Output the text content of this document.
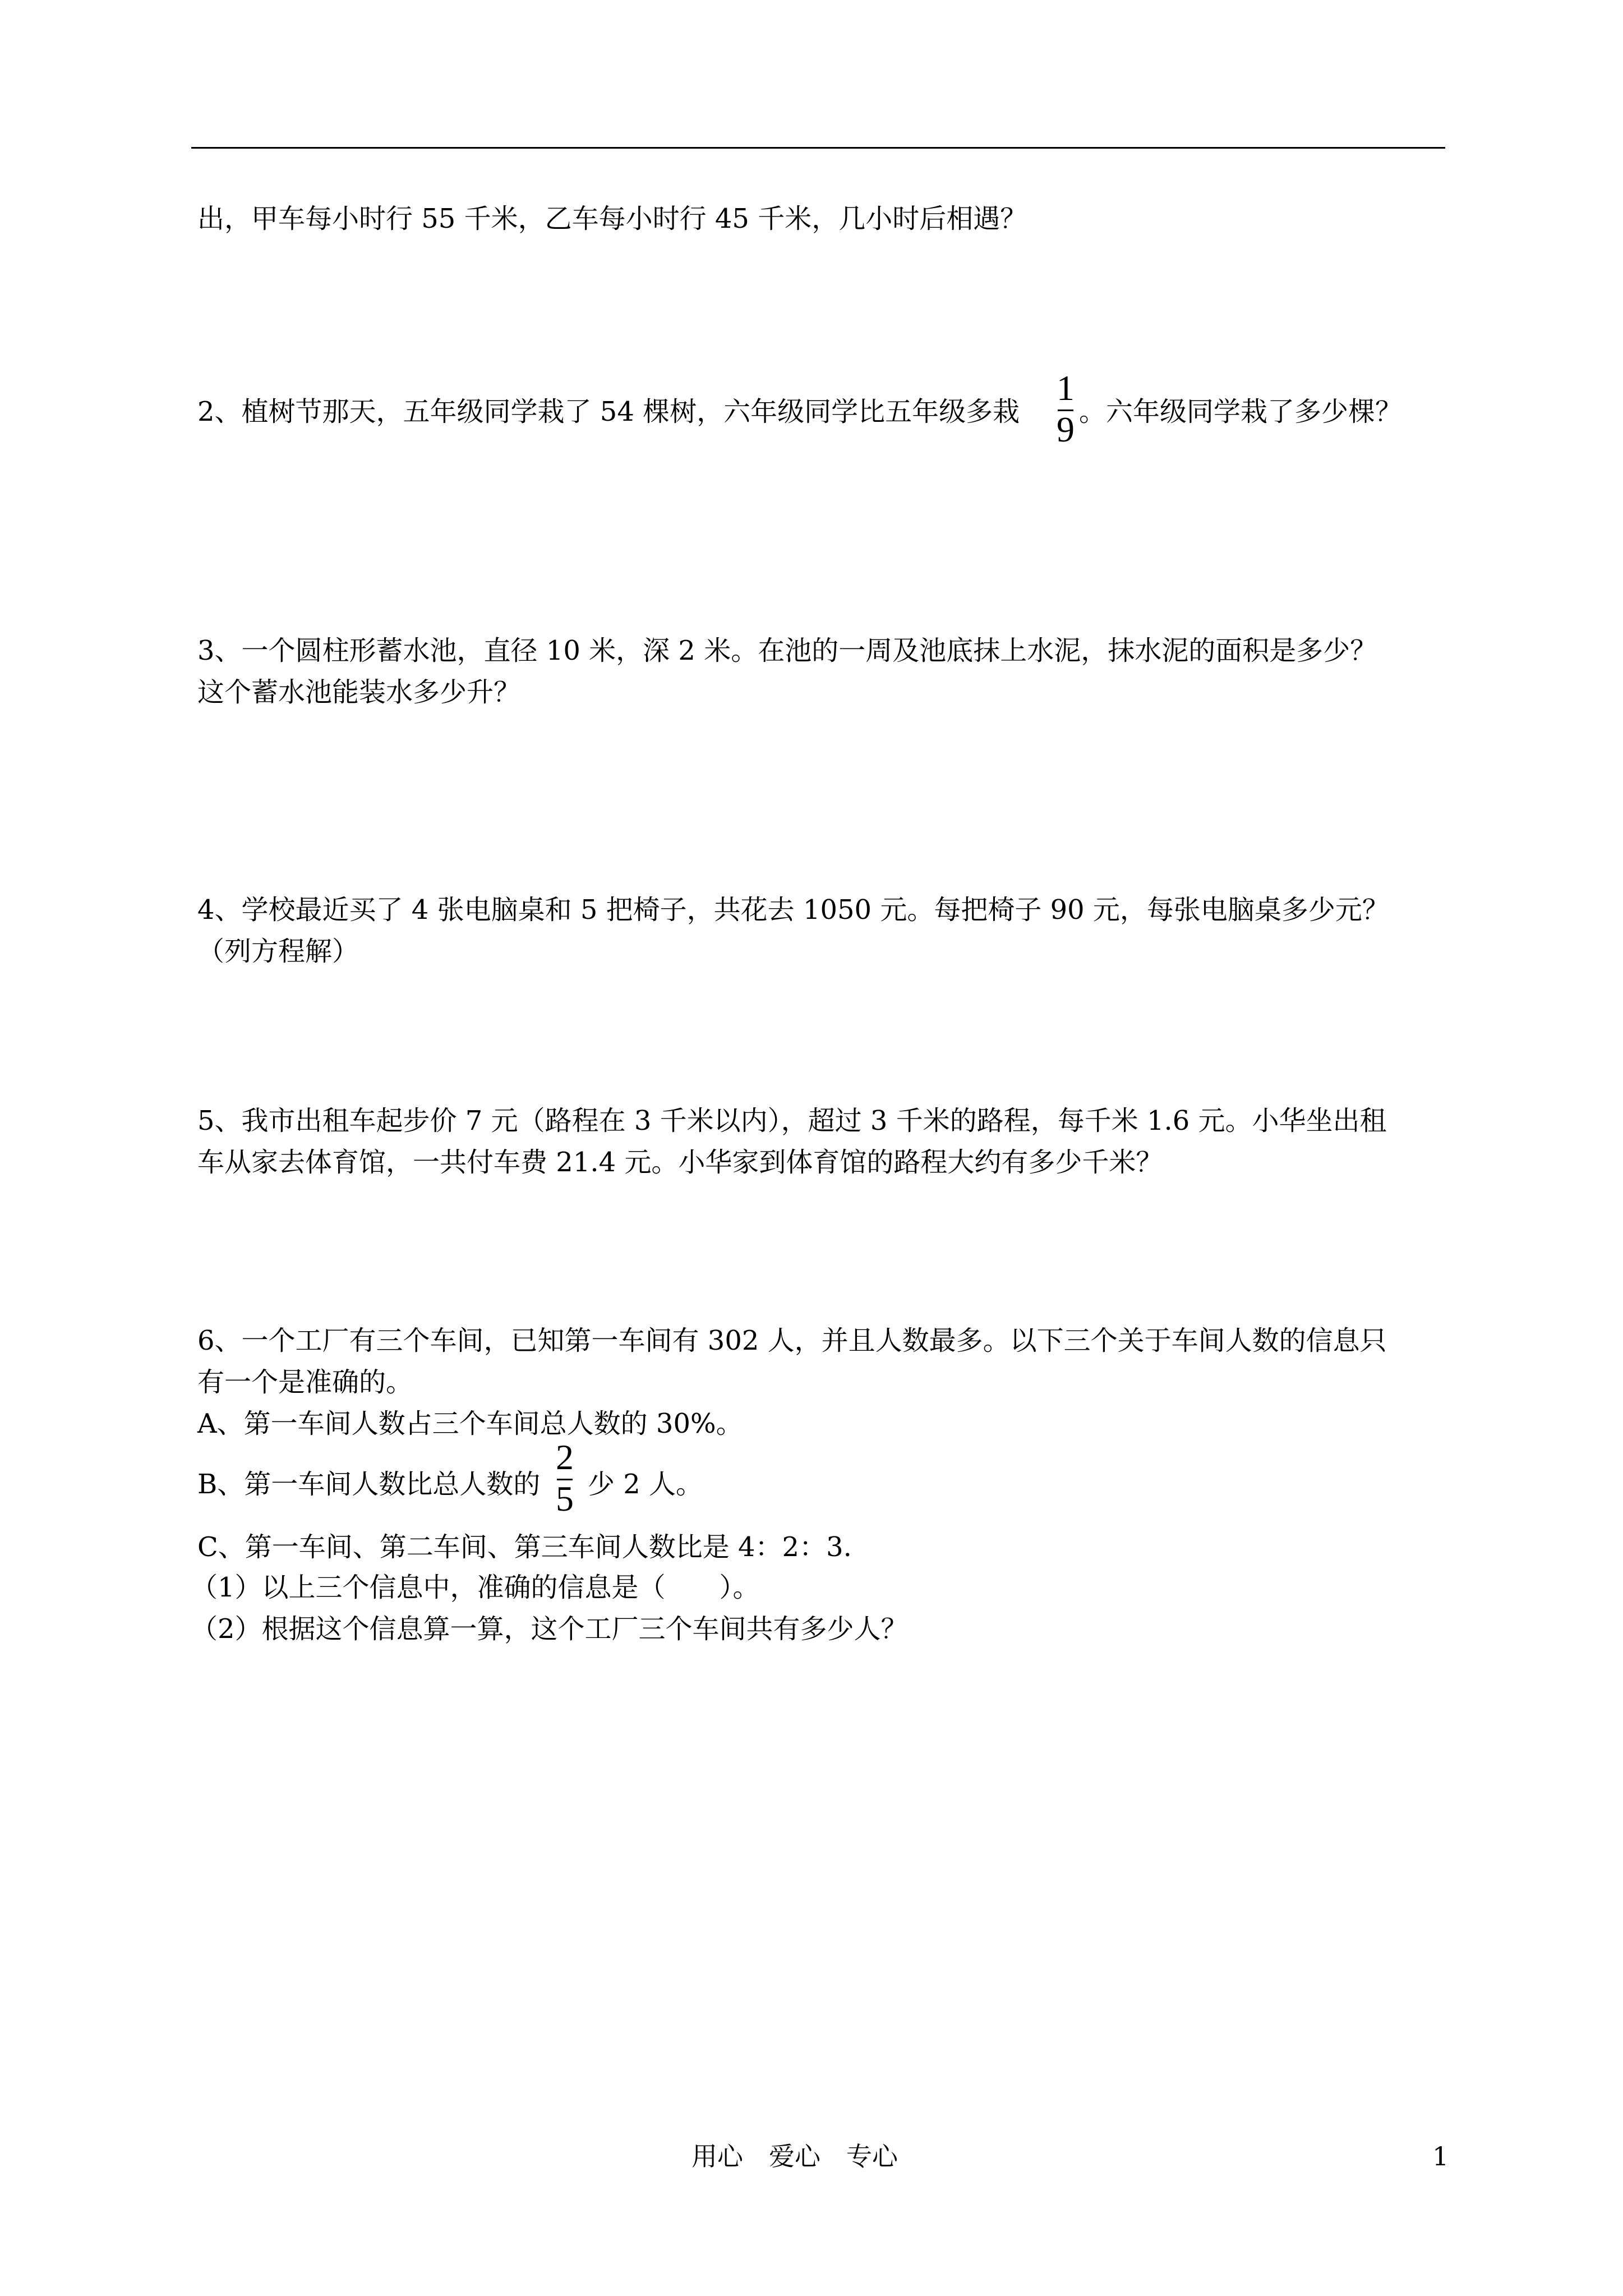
出，甲车每小时行 55 千米，乙车每小时行 45 千米，几小时后相遇？
2、植树节那天，五年级同学栽了 54 棵树，六年级同学比五年级多栽
1
9 。六年级同学栽了多少棵？
3、一个圆柱形蓄水池，直径 10 米，深 2 米。在池的一周及池底抹上水泥，抹水泥的面积是多少？
这个蓄水池能装水多少升？
4、学校最近买了 4 张电脑桌和 5 把椅子，共花去 1050 元。每把椅子 90 元，每张电脑桌多少元？
（列方程解）
5、我市出租车起步价 7 元（路程在 3 千米以内），超过 3 千米的路程，每千米 1.6 元。小华坐出租
车从家去体育馆，一共付车费 21.4 元。小华家到体育馆的路程大约有多少千米？
6、一个工厂有三个车间，已知第一车间有 302 人，并且人数最多。以下三个关于车间人数的信息只
有一个是准确的。
A、第一车间人数占三个车间总人数的 30%。
B、第一车间人数比总人数的
2
5 少 2 人。
C、第一车间、第二车间、第三车间人数比是 4：2：3.
（1）以上三个信息中，准确的信息是（　　）。
（2）根据这个信息算一算，这个工厂三个车间共有多少人？
用心　爱心　专心	1
